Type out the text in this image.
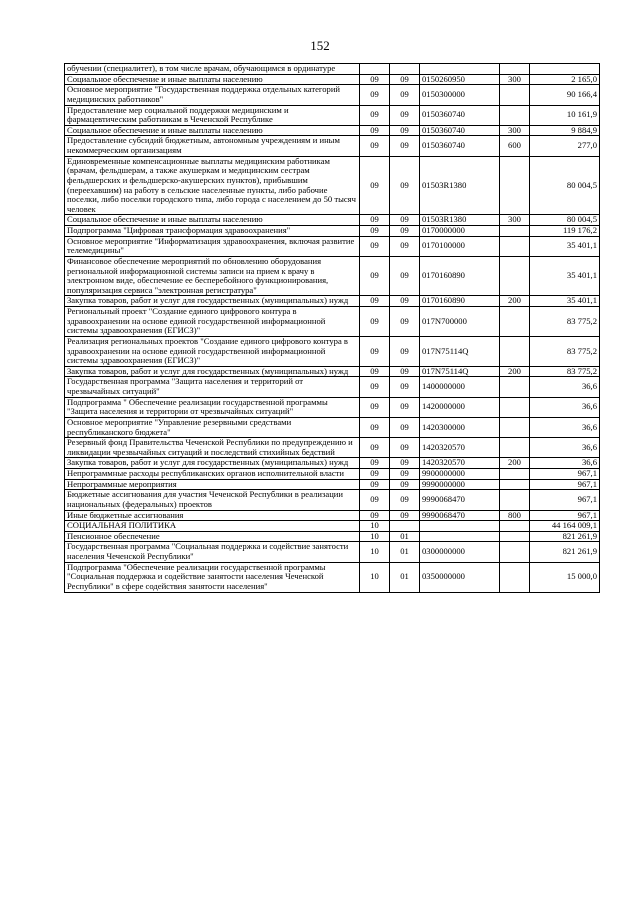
152
обучении (специалитет), в том числе врачам, обучающимся в ординатуре					
Социальное обеспечение и иные выплаты населению	09	09	0150260950	300	2 165,0
Основное мероприятие "Государственная поддержка отдельных категорий медицинских работников"	09	09	0150300000		90 166,4
Предоставление мер социальной поддержки медицинским и фармацевтическим работникам в Чеченской Республике	09	09	0150360740		10 161,9
Социальное обеспечение и иные выплаты населению	09	09	0150360740	300	9 884,9
Предоставление субсидий бюджетным, автономным учреждениям и иным некоммерческим организациям	09	09	0150360740	600	277,0
Единовременные компенсационные выплаты медицинским работникам (врачам, фельдшерам, а также акушеркам и медицинским сестрам фельдшерских и фельдшерско-акушерских пунктов), прибывшим (переехавшим) на работу в сельские населенные пункты, либо рабочие поселки, либо поселки городского типа, либо города с населением до 50 тысяч человек	09	09	01503R1380		80 004,5
Социальное обеспечение и иные выплаты населению	09	09	01503R1380	300	80 004,5
Подпрограмма "Цифровая трансформация здравоохранения"	09	09	0170000000		119 176,2
Основное мероприятие "Информатизация здравоохранения, включая развитие телемедицины"	09	09	0170100000		35 401,1
Финансовое обеспечение мероприятий по обновлению оборудования региональной информационной системы записи на прием к врачу в электронном виде, обеспечение ее бесперебойного функционирования, популяризация сервиса "электронная регистратура"	09	09	0170160890		35 401,1
Закупка товаров, работ и услуг для государственных (муниципальных) нужд	09	09	0170160890	200	35 401,1
Региональный проект "Создание единого цифрового контура в здравоохранении на основе единой государственной информационной системы здравоохранения (ЕГИСЗ)"	09	09	017N700000		83 775,2
Реализация региональных проектов "Создание единого цифрового контура в здравоохранении на основе единой государственной информационной системы здравоохранения (ЕГИСЗ)"	09	09	017N75114Q		83 775,2
Закупка товаров, работ и услуг для государственных (муниципальных) нужд	09	09	017N75114Q	200	83 775,2
Государственная программа "Защита населения и территорий от чрезвычайных ситуаций"	09	09	1400000000		36,6
Подпрограмма " Обеспечение реализации государственной программы "Защита населения и территории от чрезвычайных ситуаций"	09	09	1420000000		36,6
Основное мероприятие "Управление резервными средствами республиканского бюджета"	09	09	1420300000		36,6
Резервный фонд Правительства Чеченской Республики по предупреждению и ликвидации чрезвычайных ситуаций и последствий стихийных бедствий	09	09	1420320570		36,6
Закупка товаров, работ и услуг для государственных (муниципальных) нужд	09	09	1420320570	200	36,6
Непрограммные расходы республиканских органов исполнительной власти	09	09	9900000000		967,1
Непрограммные мероприятия	09	09	9990000000		967,1
Бюджетные ассигнования для участия Чеченской Республики в реализации национальных (федеральных) проектов	09	09	9990068470		967,1
Иные бюджетные ассигнования	09	09	9990068470	800	967,1
СОЦИАЛЬНАЯ ПОЛИТИКА	10				44 164 009,1
Пенсионное обеспечение	10	01			821 261,9
Государственная программа "Социальная поддержка и содействие занятости населения Чеченской Республики"	10	01	0300000000		821 261,9
Подпрограмма "Обеспечение реализации государственной программы "Социальная поддержка и содействие занятости населения Чеченской Республики" в сфере содействия занятости населения"	10	01	0350000000		15 000,0
